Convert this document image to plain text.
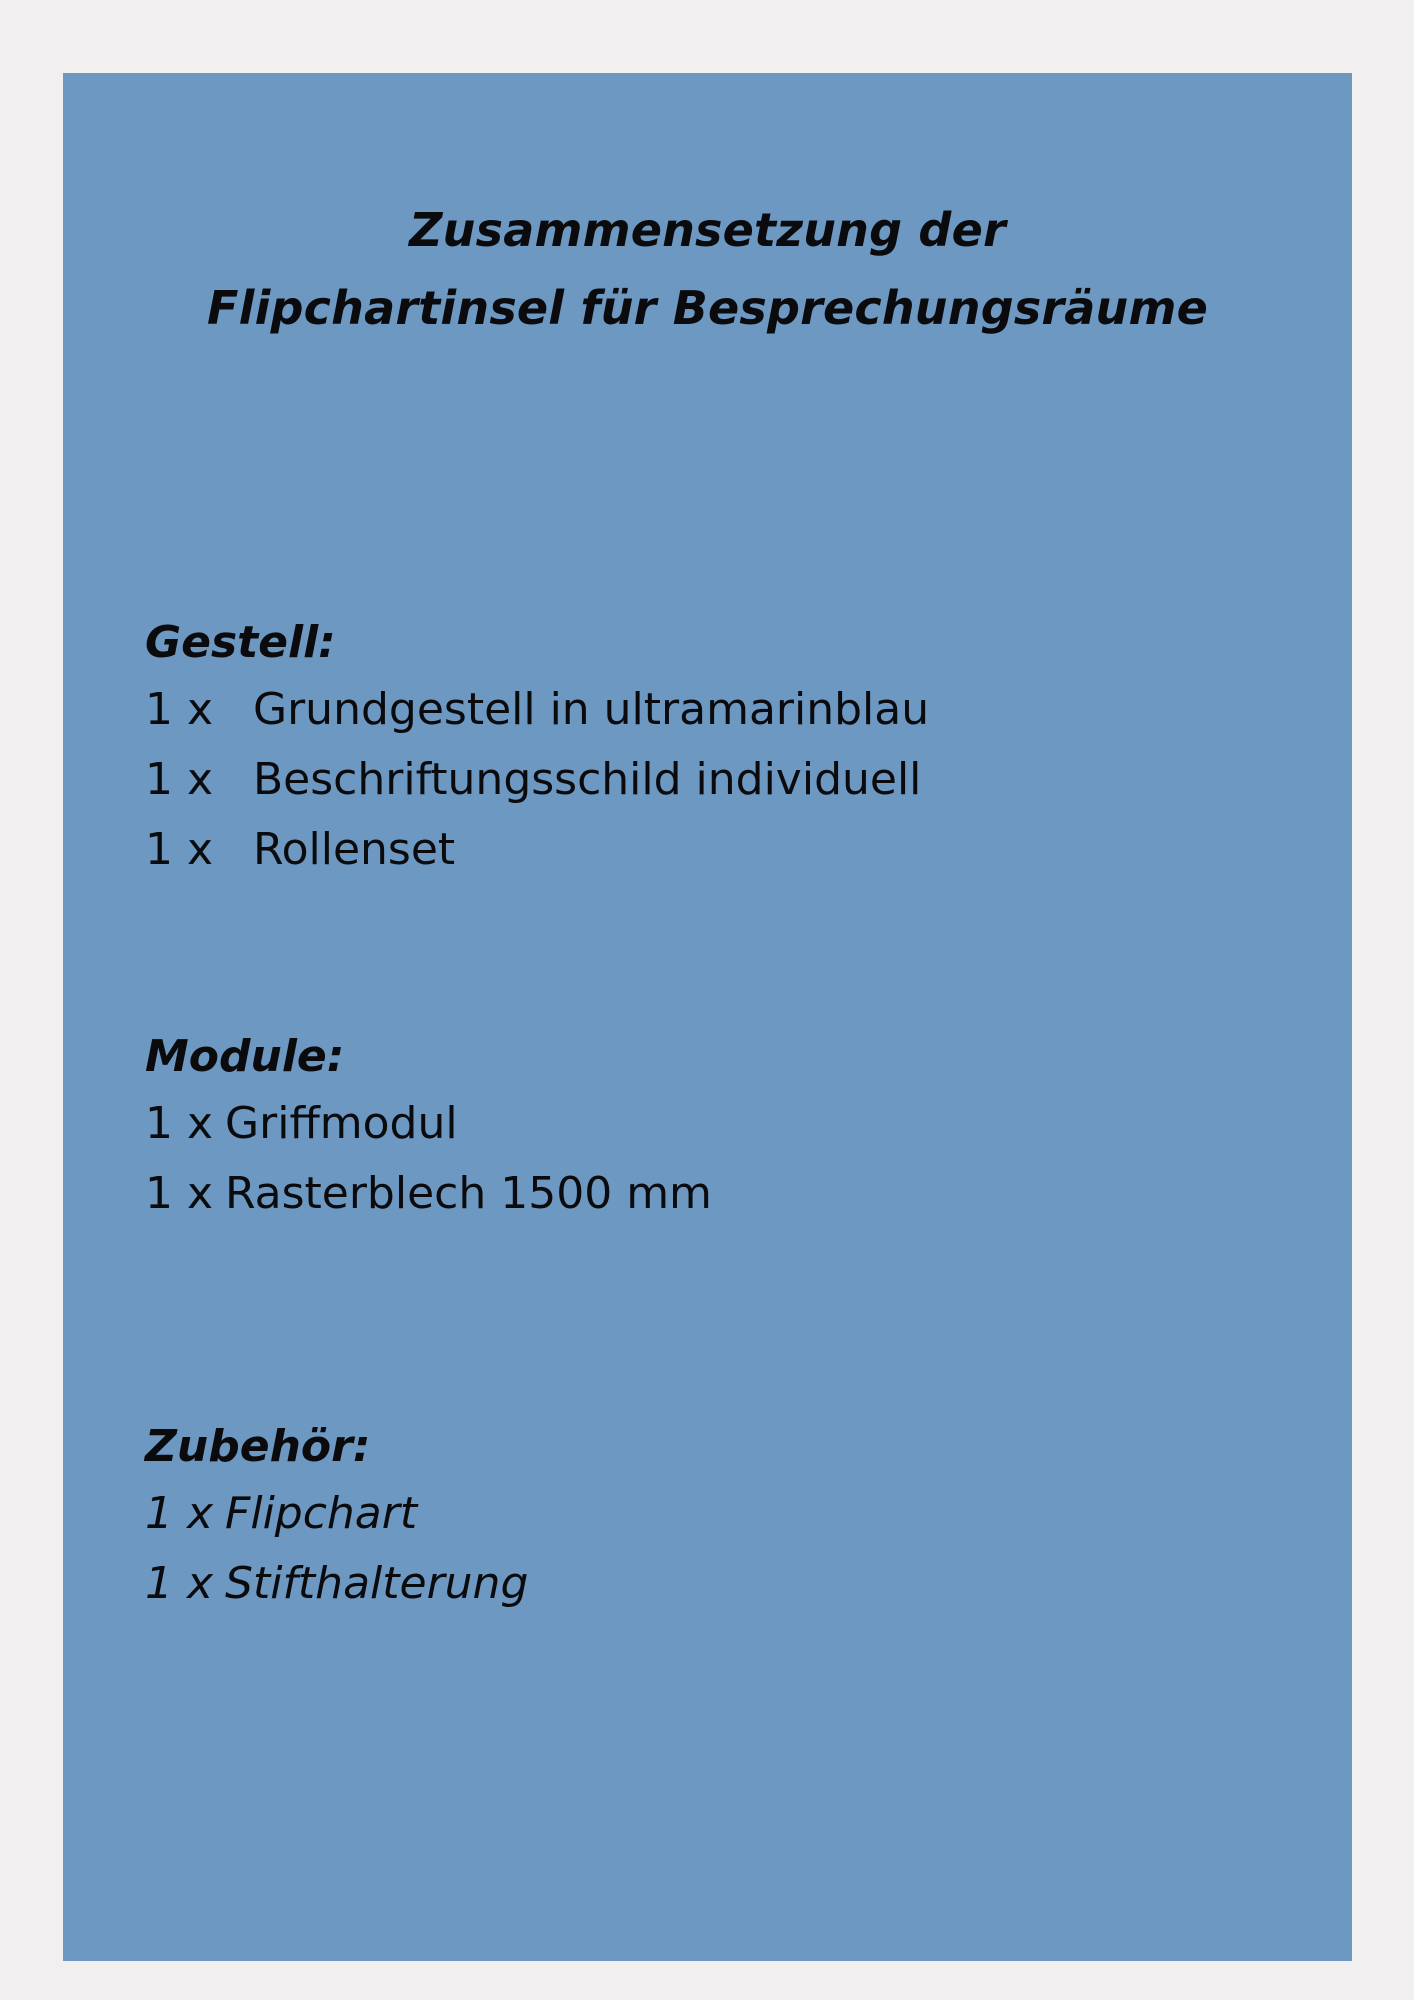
Zusammensetzung der
Flipchartinsel für Besprechungsräume
Gestell:
1 x Grundgestell in ultramarinblau
1 x Beschriftungsschild individuell
1 x Rollenset
Module:
1 x Griffmodul
1 x Rasterblech 1500 mm
Zubehör:
1 x Flipchart
1 x Stifthalterung
